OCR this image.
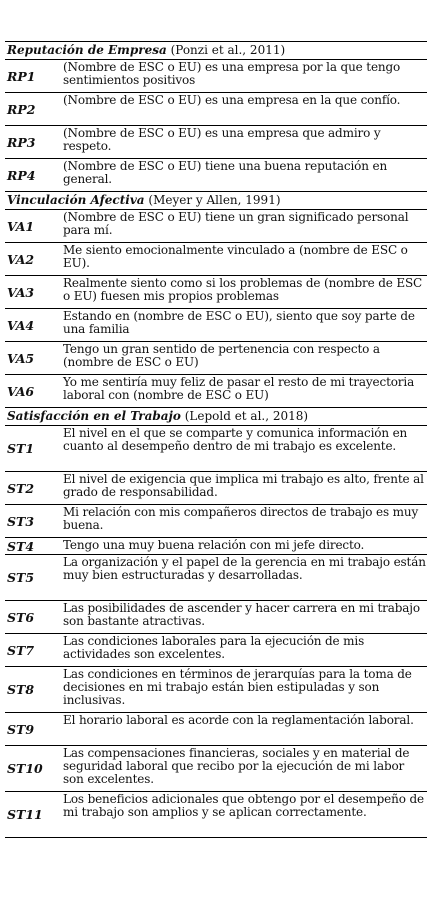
Reputación de Empresa (Ponzi et al., 2011)
RP1
(Nombre de ESC o EU) es una empresa por la que tengo sentimientos positivos
RP2
(Nombre de ESC o EU) es una empresa en la que confío.
RP3
(Nombre de ESC o EU) es una empresa que admiro y respeto.
RP4
(Nombre de ESC o EU) tiene una buena reputación en general.
Vinculación Afectiva (Meyer y Allen, 1991)
VA1
(Nombre de ESC o EU) tiene un gran significado personal para mí.
VA2
Me siento emocionalmente vinculado a (nombre de ESC o EU).
VA3
Realmente siento como si los problemas de (nombre de ESC o EU) fuesen mis propios problemas
VA4
Estando en (nombre de ESC o EU), siento que soy parte de una familia
VA5
Tengo un gran sentido de pertenencia con respecto a (nombre de ESC o EU)
VA6
Yo me sentiría muy feliz de pasar el resto de mi trayectoria laboral con (nombre de ESC o EU)
Satisfacción en el Trabajo (Lepold et al., 2018)
ST1
El nivel en el que se comparte y comunica información en cuanto al desempeño dentro de mi trabajo es excelente.
ST2
El nivel de exigencia que implica mi trabajo es alto, frente al grado de responsabilidad.
ST3
Mi relación con mis compañeros directos de trabajo es muy buena.
ST4	Tengo una muy buena relación con mi jefe directo.
ST5
La organización y el papel de la gerencia en mi trabajo están muy bien estructuradas y desarrolladas.
ST6
Las posibilidades de ascender y hacer carrera en mi trabajo son bastante atractivas.
ST7
Las condiciones laborales para la ejecución de mis actividades son excelentes.
ST8
Las condiciones en términos de jerarquías para la toma de decisiones en mi trabajo están bien estipuladas y son inclusivas.
ST9
El horario laboral es acorde con la reglamentación laboral.
ST10
Las compensaciones financieras, sociales y en material de seguridad laboral que recibo por la ejecución de mi labor son excelentes.
ST11
Los beneficios adicionales que obtengo por el desempeño de mi trabajo son amplios y se aplican correctamente.
